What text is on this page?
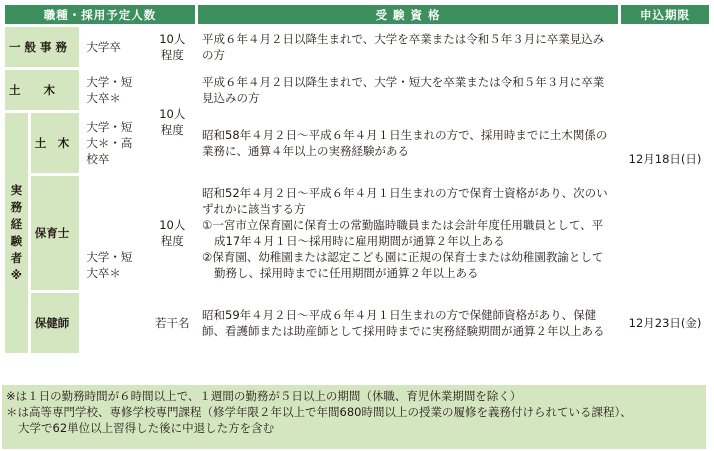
職種・採用予定人数				受 験 資 格	申込期限
一 般 事 務		大学卒	10人程度	平成６年４月２日以降生まれで、大学を卒業または令和５年３月に卒業見込みの方	12月18日(日)
土　　木		大学・短大卒＊	10人程度	平成６年４月２日以降生まれで、大学・短大を卒業または令和５年３月に卒業見込みの方	

実務経験者※	土　木	大学・短大＊・高校卒		昭和58年４月２日～平成６年４月１日生まれの方で、採用時までに土木関係の業務に、通算４年以上の実務経験がある	
	保育士	大学・短大卒＊	10人程度	昭和52年４月２日～平成６年４月１日生まれの方で保育士資格があり、次のいずれかに該当する方
①一宮市立保育園に保育士の常勤臨時職員または会計年度任用職員として、平成17年４月１日～採用時に雇用期間が通算２年以上ある
②保育園、幼稚園または認定こども園に正規の保育士または幼稚園教諭として勤務し、採用時までに任用期間が通算２年以上ある	

	保健師		若干名	昭和59年４月２日～平成６年４月１日生まれの方で保健師資格があり、保健師、看護師または助産師として採用時までに実務経験期間が通算２年以上ある	12月23日(金)
※は１日の勤務時間が６時間以上で、１週間の勤務が５日以上の期間（休職、育児休業期間を除く）
＊は高等専門学校、専修学校専門課程（修学年限２年以上で年間680時間以上の授業の履修を義務付けられている課程）、
大学で62単位以上習得した後に中退した方を含む
